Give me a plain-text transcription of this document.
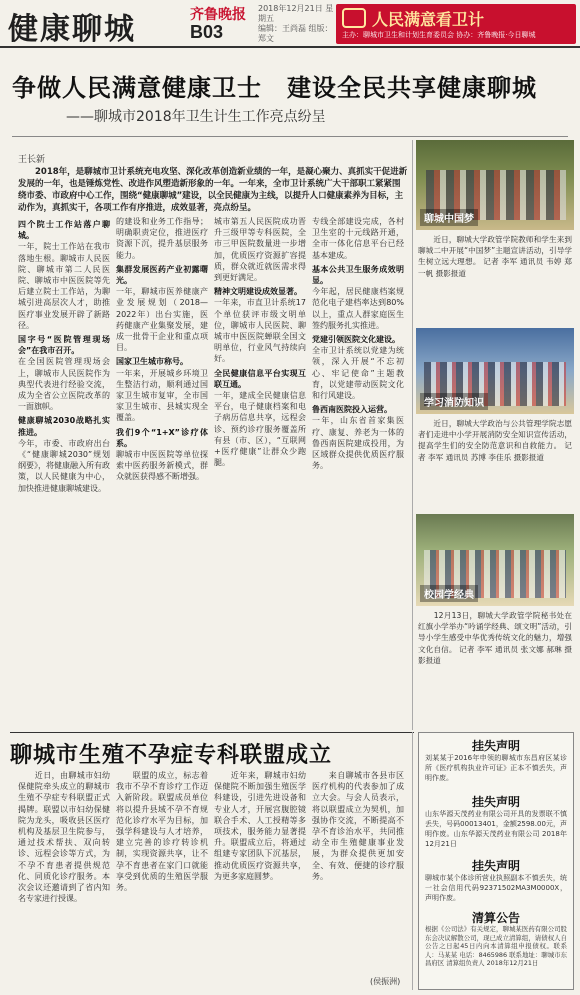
健康聊城	齐鲁晚报
B03
2018年12月21日 星期五
编辑：王尚磊 组版：郑文
人民满意看卫计
主办：聊城市卫生和计划生育委员会 协办：齐鲁晚报·今日聊城
争做人民满意健康卫士　建设全民共享健康聊城
——聊城市2018年卫生计生工作亮点纷呈
王长新
　　2018年，是聊城市卫计系统充电攻坚、深化改革创造新业绩的一年，是凝心聚力、真抓实干促进新发展的一年，也是锤炼党性、改进作风塑造新形象的一年。一年来，全市卫计系统广大干部职工紧紧围绕市委、市政府中心工作，围绕“健康聊城”建设，以全民健康为主线，以提升人口健康素养为目标，主动作为，真抓实干，各项工作有序推进，成效显著，亮点纷呈。
四个院士工作站落户聊城。
一年，院士工作站在我市落地生根。聊城市人民医院、聊城市第二人民医院、聊城市中医医院等先后建立院士工作站，为聊城引进高层次人才，助推医疗事业发展开辟了新路径。
国字号“医院管理现场会”在我市召开。
在全国医院管理现场会上，聊城市人民医院作为典型代表进行经验交流，成为全省公立医院改革的一面旗帜。
健康聊城2030战略扎实推进。
今年，市委、市政府出台《“健康聊城2030”规划纲要》，将健康融入所有政策，以人民健康为中心，加快推进健康聊城建设。
的建设和业务工作指导；明确职责定位，推进医疗资源下沉，提升基层服务能力。
集群发展医药产业初露曙光。
一年，聊城市医养健康产业发展规划（2018—2022年）出台实施，医药健康产业集聚发展，建成一批骨干企业和重点项目。
国家卫生城市称号。
一年来，开展城乡环境卫生整洁行动，顺利通过国家卫生城市复审，全市国家卫生城市、县城实现全覆盖。
我们9个“1+X”诊疗体系。
聊城市中医医院等单位探索中医药服务新模式，群众就医获得感不断增强。
城市第五人民医院成功晋升三级甲等专科医院，全市三甲医院数量进一步增加，优质医疗资源扩容提质，群众就近就医需求得到更好满足。
精神文明建设成效显著。
一年来，市直卫计系统17个单位获评市级文明单位，聊城市人民医院、聊城市中医医院蝉联全国文明单位，行业风气持续向好。
全民健康信息平台实现互联互通。
一年，建成全民健康信息平台，电子健康档案和电子病历信息共享，远程会诊、预约诊疗服务覆盖所有县（市、区），“互联网+医疗健康”让群众少跑腿。
专线全部建设完成，各村卫生室的十元线路开通，全市一体化信息平台已经基本建成。
基本公共卫生服务成效明显。
今年起，居民健康档案规范化电子建档率达到80%以上，重点人群家庭医生签约服务扎实推进。
党建引领医院文化建设。
全市卫计系统以党建为统领，深入开展“不忘初心、牢记使命”主题教育，以党建带动医院文化和行风建设。
鲁西南医院投入运营。
一年，山东省首家集医疗、康复、养老为一体的鲁西南医院建成投用，为区域群众提供优质医疗服务。
聊城中国梦
　　近日，聊城大学政管学院教师和学生来到聊城二中开展“中国梦”主题宣讲活动，引导学生树立远大理想。 记者 李军 通讯员 韦婷 郑一帆 摄影报道
学习消防知识
　　近日，聊城大学政治与公共管理学院志愿者们走进中小学开展消防安全知识宣传活动，提高学生们的安全防范意识和自救能力。 记者 李军 通讯员 苏博 李佳乐 摄影报道
校园学经典
　　12月13日，聊城大学政管学院秘书处在红旗小学举办“吟诵学经典、颂文明”活动，引导小学生感受中华优秀传统文化的魅力，增强文化自信。 记者 李军 通讯员 张文娜 郝琳 摄影报道
聊城市生殖不孕症专科联盟成立
　　近日，由聊城市妇幼保健院牵头成立的聊城市生殖不孕症专科联盟正式揭牌。联盟以市妇幼保健院为龙头，吸收县区医疗机构及基层卫生院参与，通过技术帮扶、双向转诊、远程会诊等方式，为不孕不育患者提供规范化、同质化诊疗服务。本次会议还邀请到了省内知名专家进行授课。
　　联盟的成立，标志着我市不孕不育诊疗工作迈入新阶段。联盟成员单位将以提升县域不孕不育规范化诊疗水平为目标，加强学科建设与人才培养，建立完善的诊疗转诊机制，实现资源共享，让不孕不育患者在家门口就能享受到优质的生殖医学服务。
　　近年来，聊城市妇幼保健院不断加强生殖医学科建设，引进先进设备和专业人才，开展宫腹腔镜联合手术、人工授精等多项技术，服务能力显著提升。联盟成立后，将通过组建专家团队下沉基层，推动优质医疗资源共享，为更多家庭圆梦。
　　来自聊城市各县市区医疗机构的代表参加了成立大会。与会人员表示，将以联盟成立为契机，加强协作交流，不断提高不孕不育诊治水平，共同推动全市生殖健康事业发展，为群众提供更加安全、有效、便捷的诊疗服务。
(侯振洲)
挂失声明
刘某某于2016年申领的聊城市东昌府区某诊所《医疗机构执业许可证》正本不慎丢失，声明作废。
挂失声明
山东华源天茂药业有限公司开具的发票联不慎丢失，号码00013401，金额2598.00元，声明作废。山东华源天茂药业有限公司 2018年12月21日
挂失声明
聊城市某个体诊所营业执照副本不慎丢失，统一社会信用代码92371502MA3M0000X，声明作废。
清算公告
根据《公司法》有关规定，聊城某医药有限公司股东会决议解散公司，现已成立清算组，请债权人自公告之日起45日内向本清算组申报债权。联系人：马某某 电话：8465986 联系地址：聊城市东昌府区 清算组负责人 2018年12月21日
